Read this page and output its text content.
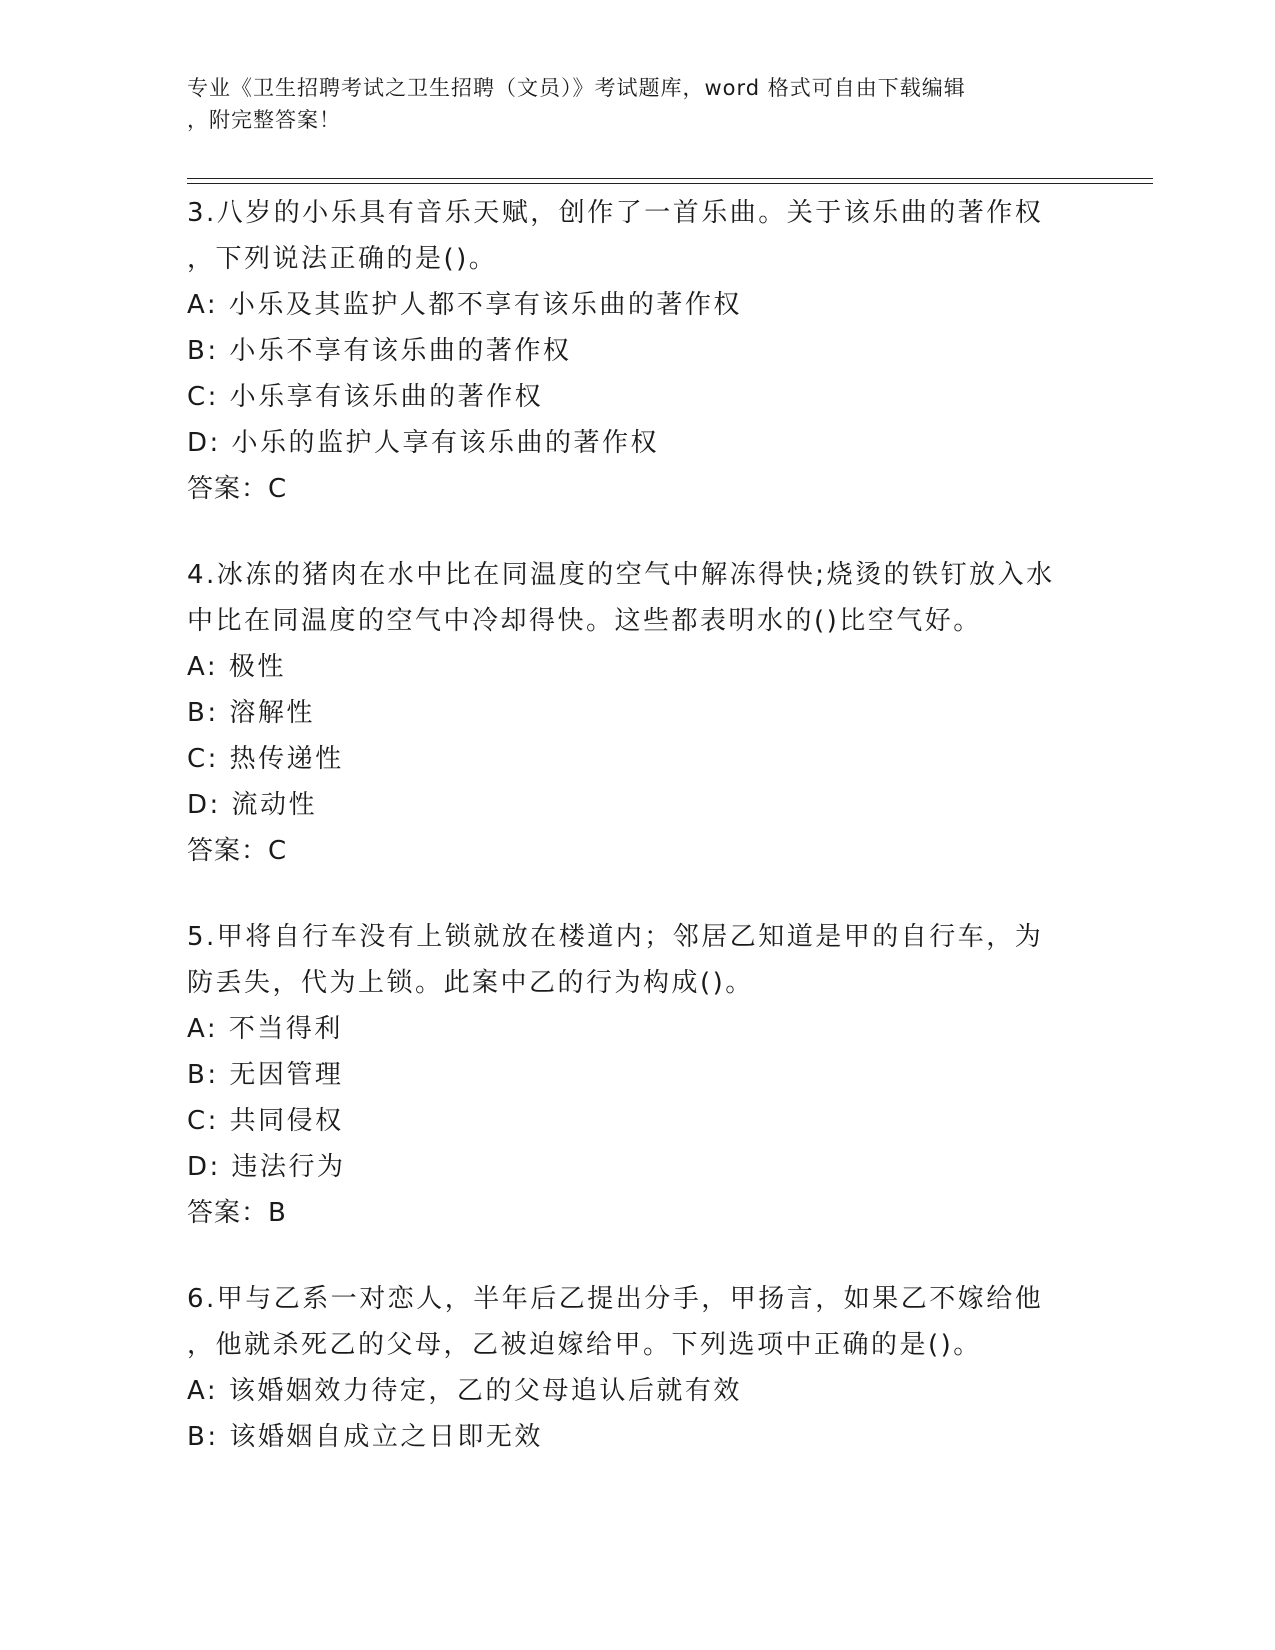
专业《卫生招聘考试之卫生招聘（文员）》考试题库，word 格式可自由下载编辑
，附完整答案！
3.八岁的小乐具有音乐天赋，创作了一首乐曲。关于该乐曲的著作权
，下列说法正确的是()。
A: 小乐及其监护人都不享有该乐曲的著作权
B: 小乐不享有该乐曲的著作权
C: 小乐享有该乐曲的著作权
D: 小乐的监护人享有该乐曲的著作权
答案：C
4.冰冻的猪肉在水中比在同温度的空气中解冻得快;烧烫的铁钉放入水
中比在同温度的空气中冷却得快。这些都表明水的()比空气好。
A: 极性
B: 溶解性
C: 热传递性
D: 流动性
答案：C
5.甲将自行车没有上锁就放在楼道内；邻居乙知道是甲的自行车，为
防丢失，代为上锁。此案中乙的行为构成()。
A: 不当得利
B: 无因管理
C: 共同侵权
D: 违法行为
答案：B
6.甲与乙系一对恋人，半年后乙提出分手，甲扬言，如果乙不嫁给他
，他就杀死乙的父母，乙被迫嫁给甲。下列选项中正确的是()。
A: 该婚姻效力待定，乙的父母追认后就有效
B: 该婚姻自成立之日即无效
